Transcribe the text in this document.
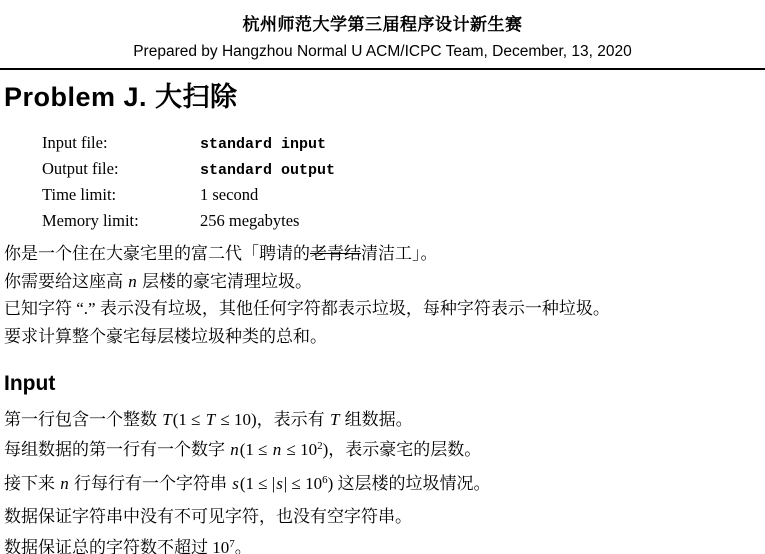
杭州师范大学第三届程序设计新生赛
Prepared by Hangzhou Normal U ACM/ICPC Team, December, 13, 2020
Problem J. 大扫除
Input file:	standard input
Output file:	standard output
Time limit:	1 second
Memory limit:	256 megabytes

你是一个住在大豪宅里的富二代「聘请的老青结清洁工」。

你需要给这座高 n 层楼的豪宅清理垃圾。

已知字符 “.” 表示没有垃圾，其他任何字符都表示垃圾，每种字符表示一种垃圾。

要求计算整个豪宅每层楼垃圾种类的总和。

Input

第一行包含一个整数 T(1 ≤ T ≤ 10)，表示有 T 组数据。

每组数据的第一行有一个数字 $n(1 \le n \le 10^2)$，表示豪宅的层数。

接下来 n 行每行有一个字符串 $s(1 \le |s| \le 10^6)$ 这层楼的垃圾情况。

数据保证字符串中没有不可见字符，也没有空字符串。

数据保证总的字符数不超过 $10^7$。
